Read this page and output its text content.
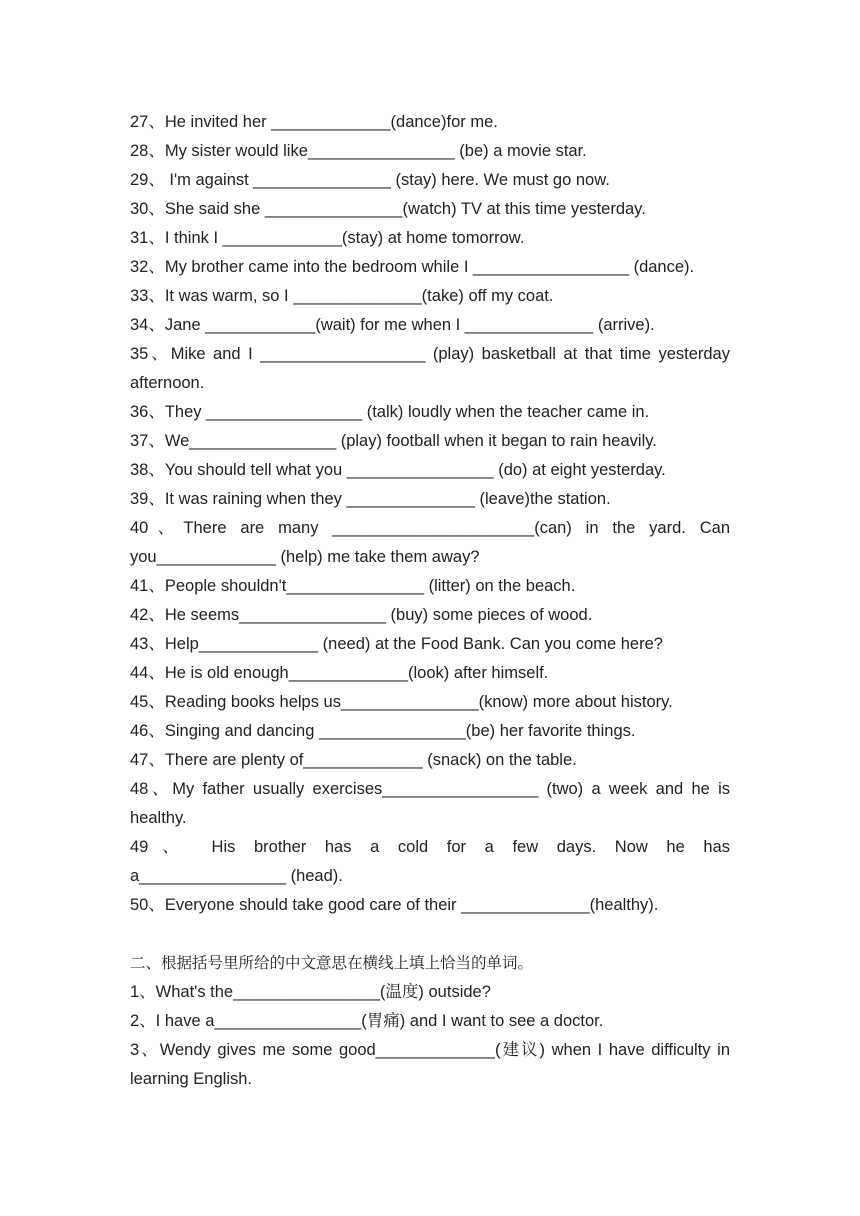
27、He invited her _____________(dance)for me.
28、My sister would like________________ (be) a movie star.
29、 I'm against _______________ (stay) here. We must go now.
30、She said she _______________(watch) TV at this time yesterday.
31、I think I _____________(stay) at home tomorrow.
32、My brother came into the bedroom while I _________________ (dance).
33、It was warm, so I ______________(take) off my coat.
34、Jane ____________(wait) for me when I ______________ (arrive).
35、Mike and I __________________ (play) basketball at that time yesterday
afternoon.
36、They _________________ (talk) loudly when the teacher came in.
37、We________________ (play) football when it began to rain heavily.
38、You should tell what you ________________ (do) at eight yesterday.
39、It was raining when they ______________ (leave)the station.
40、There are many ______________________(can) in the yard. Can
you_____________ (help) me take them away?
41、People shouldn't_______________ (litter) on the beach.
42、He seems________________ (buy) some pieces of wood.
43、Help_____________ (need) at the Food Bank. Can you come here?
44、He is old enough_____________(look) after himself.
45、Reading books helps us_______________(know) more about history.
46、Singing and dancing ________________(be) her favorite things.
47、There are plenty of_____________ (snack) on the table.
48、My father usually exercises_________________ (two) a week and he is
healthy.
49、 His brother has a cold for a few days. Now he has
a________________ (head).
50、Everyone should take good care of their ______________(healthy).
二、根据括号里所给的中文意思在横线上填上恰当的单词。
1、What's the________________(温度) outside?
2、I have a________________(胃痛) and I want to see a doctor.
3、Wendy gives me some good_____________(建议) when I have difficulty in
learning English.
